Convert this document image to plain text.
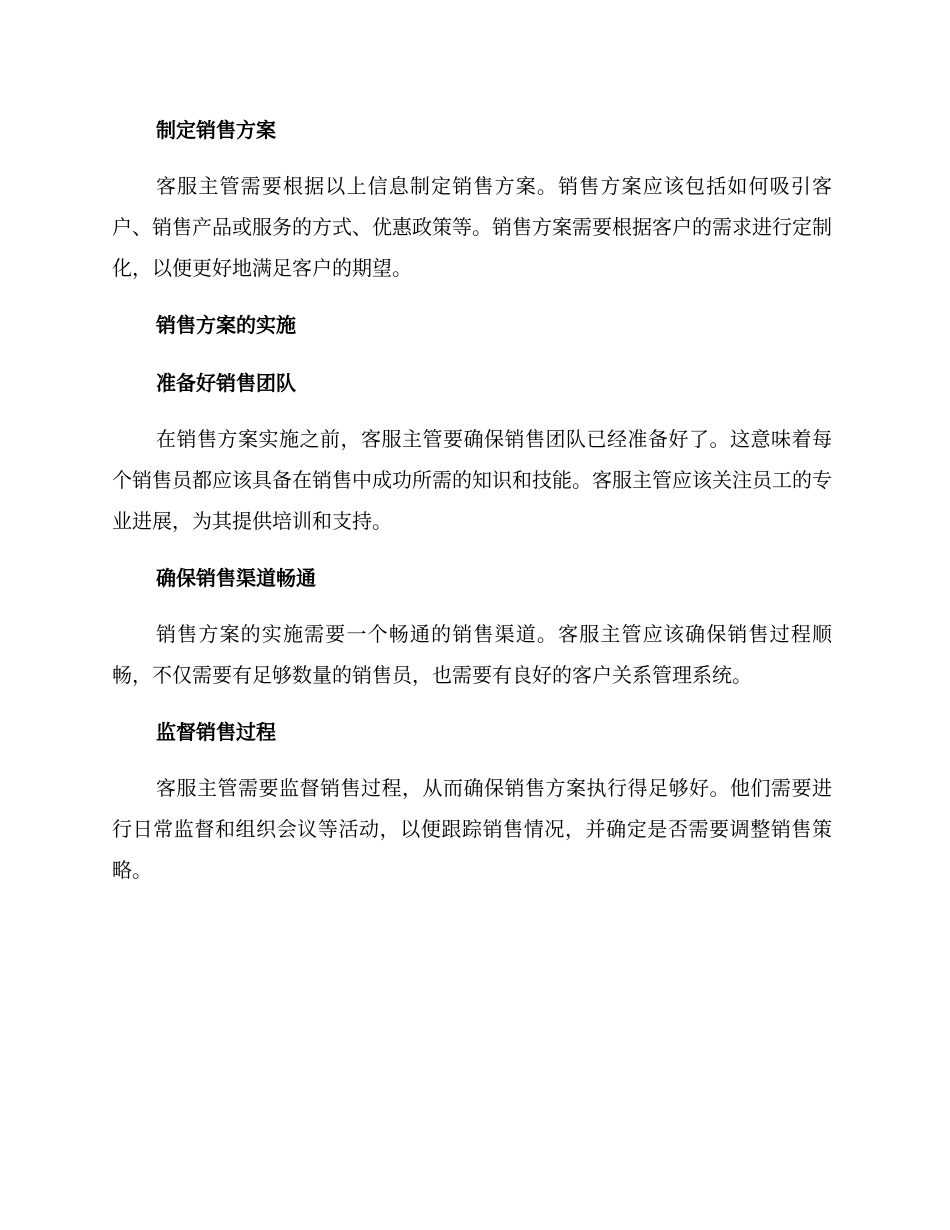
制定销售方案

客服主管需要根据以上信息制定销售方案。销售方案应该包括如何吸引客户、销售产品或服务的方式、优惠政策等。销售方案需要根据客户的需求进行定制化，以便更好地满足客户的期望。

销售方案的实施
准备好销售团队

在销售方案实施之前，客服主管要确保销售团队已经准备好了。这意味着每个销售员都应该具备在销售中成功所需的知识和技能。客服主管应该关注员工的专业进展，为其提供培训和支持。

确保销售渠道畅通

销售方案的实施需要一个畅通的销售渠道。客服主管应该确保销售过程顺畅，不仅需要有足够数量的销售员，也需要有良好的客户关系管理系统。

监督销售过程

客服主管需要监督销售过程，从而确保销售方案执行得足够好。他们需要进行日常监督和组织会议等活动，以便跟踪销售情况，并确定是否需要调整销售策略。
